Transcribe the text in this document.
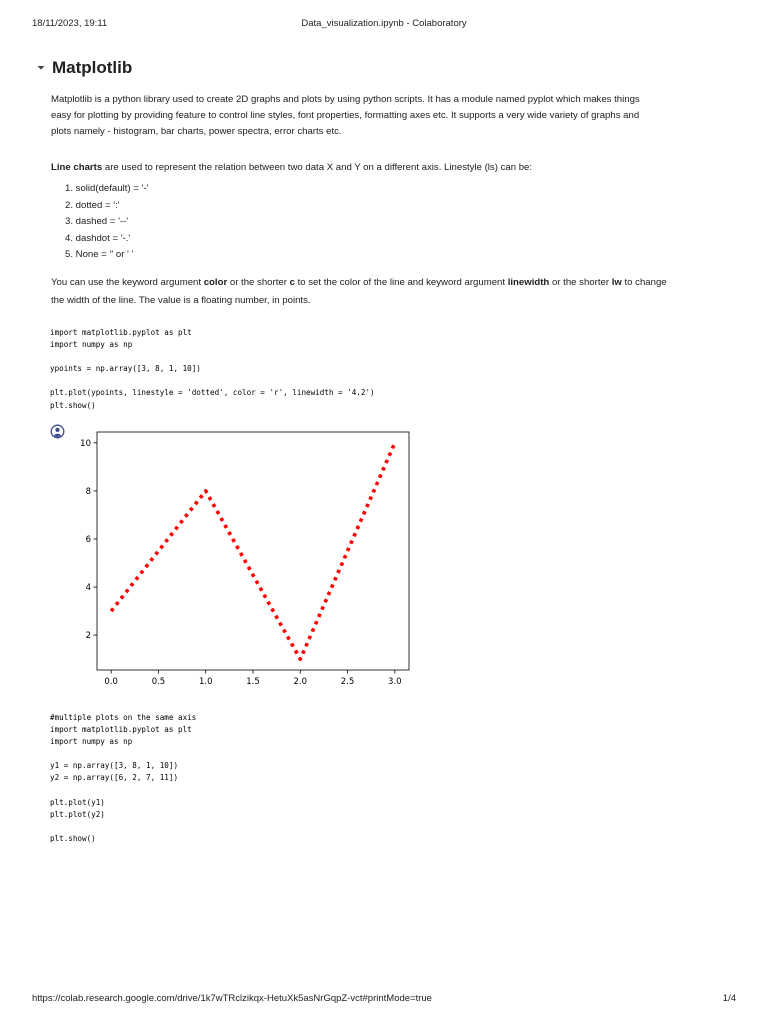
18/11/2023, 19:11	Data_visualization.ipynb - Colaboratory
Matplotlib

Matplotlib is a python library used to create 2D graphs and plots by using python scripts. It has a module named pyplot which makes things

easy for plotting by providing feature to control line styles, font properties, formatting axes etc. It supports a very wide variety of graphs and

plots namely - histogram, bar charts, power spectra, error charts etc.

Line charts are used to represent the relation between two data X and Y on a different axis. Linestyle (ls) can be:

1. solid(default) = '-'
2. dotted = ':'
3. dashed = '--'
4. dashdot = '-.'
5. None = '' or ' '

You can use the keyword argument color or the shorter c to set the color of the line and keyword argument linewidth or the shorter lw to change

the width of the line. The value is a floating number, in points.

import matplotlib.pyplot as plt
import numpy as np

ypoints = np.array([3, 8, 1, 10])

plt.plot(ypoints, linestyle = 'dotted', color = 'r', linewidth = '4.2')
plt.show()
0.0	0.5	1.0	1.5	2.0	2.5	3.0
2
4
6
8
10
#multiple plots on the same axis
import matplotlib.pyplot as plt
import numpy as np

y1 = np.array([3, 8, 1, 10])
y2 = np.array([6, 2, 7, 11])

plt.plot(y1)
plt.plot(y2)

plt.show()
https://colab.research.google.com/drive/1k7wTRclzikqx-HetuXk5asNrGqpZ-vct#printMode=true	1/4
